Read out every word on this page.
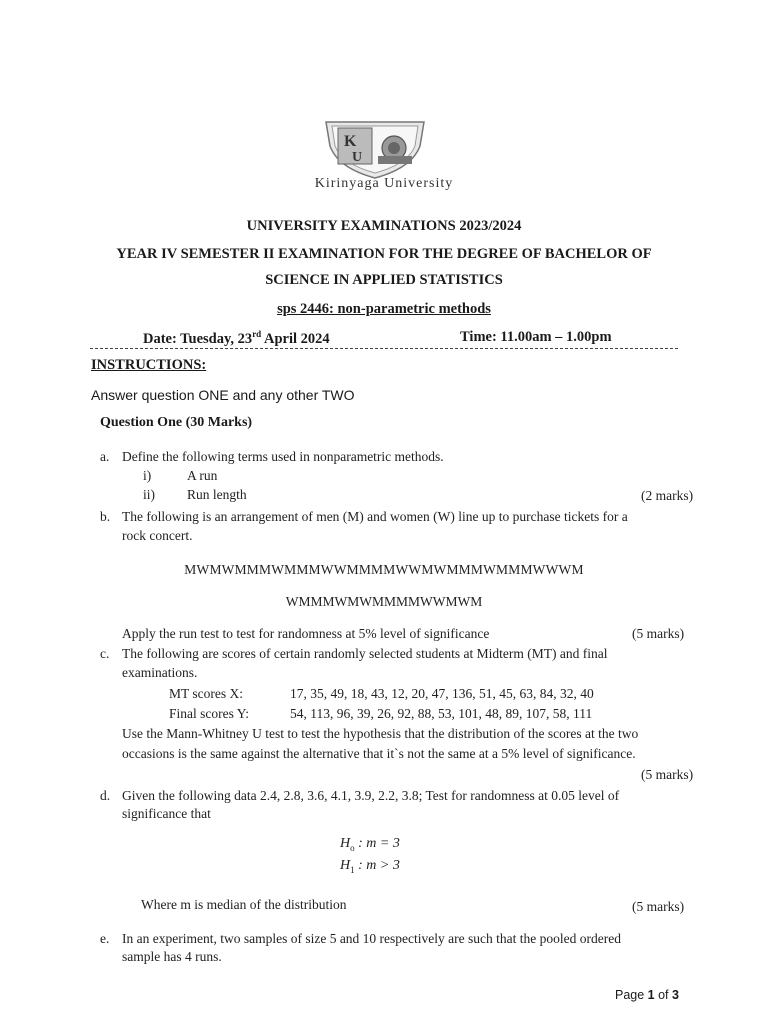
K
U
Kirinyaga University
UNIVERSITY EXAMINATIONS 2023/2024
YEAR IV SEMESTER II EXAMINATION FOR THE DEGREE OF BACHELOR OF
SCIENCE IN APPLIED STATISTICS
sps 2446: non-parametric methods
Date: Tuesday, 23rd April 2024	Time: 11.00am – 1.00pm
INSTRUCTIONS:
Answer question ONE and any other TWO
Question One (30 Marks)
a. Define the following terms used in nonparametric methods.
i)	A run
ii) Run length	(2 marks)
b. The following is an arrangement of men (M) and women (W) line up to purchase tickets for a
rock concert.
MWMWMMMWMMMWWMMMMWWMWMMMWMMMWWWM
WMMMWMWMMMMWWMWM
Apply the run test to test for randomness at 5% level of significance	(5 marks)
c. The following are scores of certain randomly selected students at Midterm (MT) and final
examinations.
MT scores X:	17, 35, 49, 18, 43, 12, 20, 47, 136, 51, 45, 63, 84, 32, 40
Final scores Y:	54, 113, 96, 39, 26, 92, 88, 53, 101, 48, 89, 107, 58, 111
Use the Mann-Whitney U test to test the hypothesis that the distribution of the scores at the two
occasions is the same against the alternative that it`s not the same at a 5% level of significance.
(5 marks)
d. Given the following data 2.4, 2.8, 3.6, 4.1, 3.9, 2.2, 3.8; Test for randomness at 0.05 level of
significance that
$H_o$ : m = 3
$H_1$ : m > 3
Where m is median of the distribution	(5 marks)
e. In an experiment, two samples of size 5 and 10 respectively are such that the pooled ordered
sample has 4 runs.
Page 1 of 3
